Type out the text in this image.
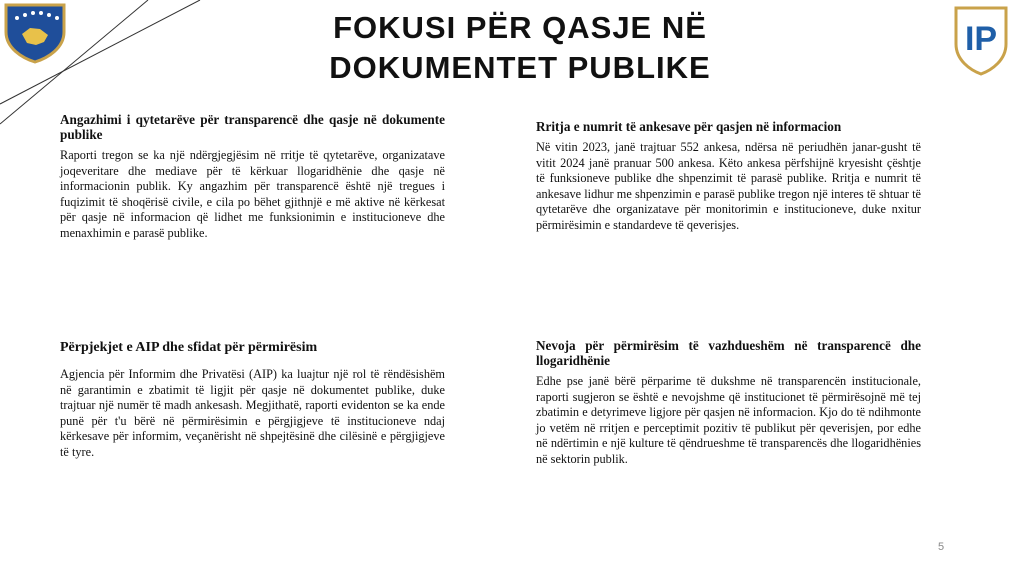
FOKUSI PËR QASJE NË
DOKUMENTET PUBLIKE
IP
Angazhimi i qytetarëve për transparencë dhe qasje në dokumente publike

Raporti tregon se ka një ndërgjegjësim në rritje të qytetarëve, organizatave joqeveritare dhe mediave për të kërkuar llogaridhënie dhe qasje në informacionin publik. Ky angazhim për transparencë është një tregues i fuqizimit të shoqërisë civile, e cila po bëhet gjithnjë e më aktive në kërkesat për qasje në informacion që lidhet me funksionimin e institucioneve dhe menaxhimin e parasë publike.

Rritja e numrit të ankesave për qasjen në informacion

Në vitin 2023, janë trajtuar 552 ankesa, ndërsa në periudhën janar-gusht të vitit 2024 janë pranuar 500 ankesa. Këto ankesa përfshijnë kryesisht çështje të funksioneve publike dhe shpenzimit të parasë publike. Rritja e numrit të ankesave lidhur me shpenzimin e parasë publike tregon një interes të shtuar të qytetarëve dhe organizatave për monitorimin e institucioneve, duke nxitur përmirësimin e standardeve të qeverisjes.

Përpjekjet e AIP dhe sfidat për përmirësim

Agjencia për Informim dhe Privatësi (AIP) ka luajtur një rol të rëndësishëm në garantimin e zbatimit të ligjit për qasje në dokumentet publike, duke trajtuar një numër të madh ankesash. Megjithatë, raporti evidenton se ka ende punë për t'u bërë në përmirësimin e përgjigjeve të institucioneve ndaj kërkesave për informim, veçanërisht në shpejtësinë dhe cilësinë e përgjigjeve të tyre.

Nevoja për përmirësim të vazhdueshëm në transparencë dhe llogaridhënie

Edhe pse janë bërë përparime të dukshme në transparencën institucionale, raporti sugjeron se është e nevojshme që institucionet të përmirësojnë më tej zbatimin e detyrimeve ligjore për qasjen në informacion. Kjo do të ndihmonte jo vetëm në rritjen e perceptimit pozitiv të publikut për qeverisjen, por edhe në ndërtimin e një kulture të qëndrueshme të transparencës dhe llogaridhënies në sektorin publik.

5
